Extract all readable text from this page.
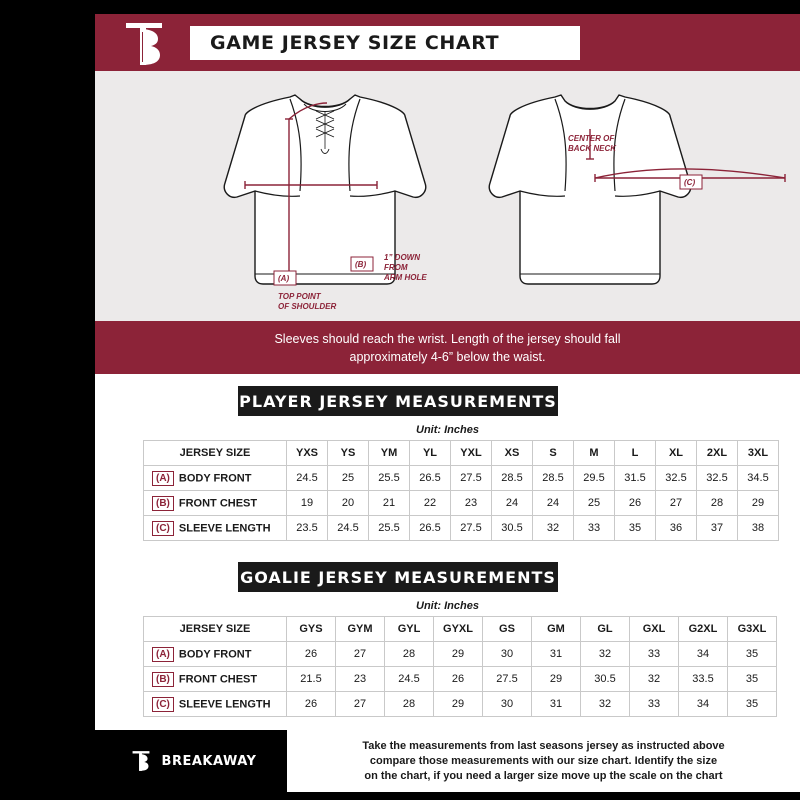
GAME JERSEY SIZE CHART
(A)
(B)
TOP POINT
OF SHOULDER
1” DOWN
FROM
ARM HOLE
CENTER OF
BACK NECK
(C)
Sleeves should reach the wrist. Length of the jersey should fall
approximately 4-6” below the waist.
PLAYER JERSEY MEASUREMENTS
Unit: Inches
JERSEY SIZE	YXS	YS	YM	YL	YXL	XS	S	M	L	XL	2XL	3XL
(A) BODY FRONT	24.5	25	25.5	26.5	27.5	28.5	28.5	29.5	31.5	32.5	32.5	34.5
(B) FRONT CHEST	19	20	21	22	23	24	24	25	26	27	28	29
(C) SLEEVE LENGTH	23.5	24.5	25.5	26.5	27.5	30.5	32	33	35	36	37	38
GOALIE JERSEY MEASUREMENTS
Unit: Inches
JERSEY SIZE	GYS	GYM	GYL	GYXL	GS	GM	GL	GXL	G2XL	G3XL
(A) BODY FRONT	26	27	28	29	30	31	32	33	34	35
(B) FRONT CHEST	21.5	23	24.5	26	27.5	29	30.5	32	33.5	35
(C) SLEEVE LENGTH	26	27	28	29	30	31	32	33	34	35
BREAKAWAY
Take the measurements from last seasons jersey as instructed above
compare those measurements with our size chart. Identify the size
on the chart, if you need a larger size move up the scale on the chart
